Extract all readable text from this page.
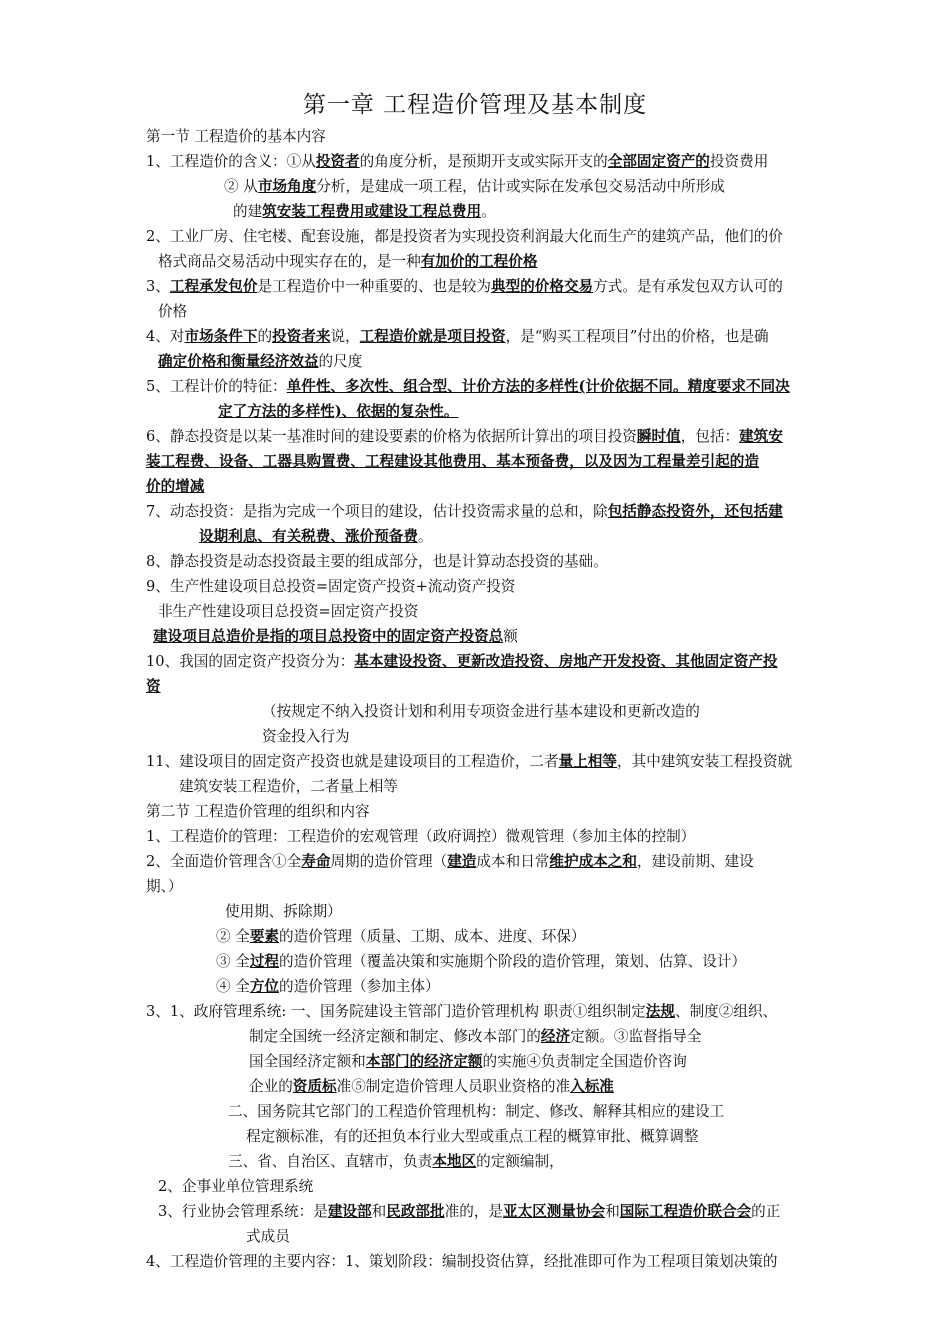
第一章 工程造价管理及基本制度
第一节 工程造价的基本内容
1、工程造价的含义：①从投资者的角度分析，是预期开支或实际开支的全部固定资产的投资费用
② 从市场角度分析，是建成一项工程，估计或实际在发承包交易活动中所形成
的建筑安装工程费用或建设工程总费用。
2、工业厂房、住宅楼、配套设施，都是投资者为实现投资利润最大化而生产的建筑产品，他们的价
格式商品交易活动中现实存在的，是一种有加价的工程价格
3、工程承发包价是工程造价中一种重要的、也是较为典型的价格交易方式。是有承发包双方认可的
价格
4、对市场条件下的投资者来说，工程造价就是项目投资，是“购买工程项目”付出的价格，也是确
确定价格和衡量经济效益的尺度
5、工程计价的特征：单件性、多次性、组合型、计价方法的多样性(计价依据不同。精度要求不同决
定了方法的多样性)、依据的复杂性。
6、静态投资是以某一基准时间的建设要素的价格为依据所计算出的项目投资瞬时值，包括：建筑安
装工程费、设备、工器具购置费、工程建设其他费用、基本预备费，以及因为工程量差引起的造
价的增减
7、动态投资：是指为完成一个项目的建设，估计投资需求量的总和，除包括静态投资外，还包括建
设期利息、有关税费、涨价预备费。
8、静态投资是动态投资最主要的组成部分，也是计算动态投资的基础。
9、生产性建设项目总投资=固定资产投资+流动资产投资
非生产性建设项目总投资=固定资产投资
建设项目总造价是指的项目总投资中的固定资产投资总额
10、我国的固定资产投资分为：基本建设投资、更新改造投资、房地产开发投资、其他固定资产投
资
（按规定不纳入投资计划和利用专项资金进行基本建设和更新改造的
资金投入行为
11、建设项目的固定资产投资也就是建设项目的工程造价，二者量上相等，其中建筑安装工程投资就
建筑安装工程造价，二者量上相等
第二节 工程造价管理的组织和内容
1、工程造价的管理：工程造价的宏观管理（政府调控）微观管理（参加主体的控制）
2、全面造价管理含①全寿命周期的造价管理（建造成本和日常维护成本之和，建设前期、建设
期、）
使用期、拆除期）
② 全要素的造价管理（质量、工期、成本、进度、环保）
③ 全过程的造价管理（覆盖决策和实施期个阶段的造价管理，策划、估算、设计）
④ 全方位的造价管理（参加主体）
3、1、政府管理系统: 一、国务院建设主管部门造价管理机构 职责①组织制定法规、制度②组织、
制定全国统一经济定额和制定、修改本部门的经济定额。③监督指导全
国全国经济定额和本部门的经济定额的实施④负责制定全国造价咨询
企业的资质标准⑤制定造价管理人员职业资格的准入标准
二、国务院其它部门的工程造价管理机构：制定、修改、解释其相应的建设工
程定额标准，有的还担负本行业大型或重点工程的概算审批、概算调整
三、省、自治区、直辖市，负责本地区的定额编制，
2、企事业单位管理系统
3、行业协会管理系统：是建设部和民政部批准的，是亚太区测量协会和国际工程造价联合会的正
式成员
4、工程造价管理的主要内容：1、策划阶段：编制投资估算，经批准即可作为工程项目策划决策的
